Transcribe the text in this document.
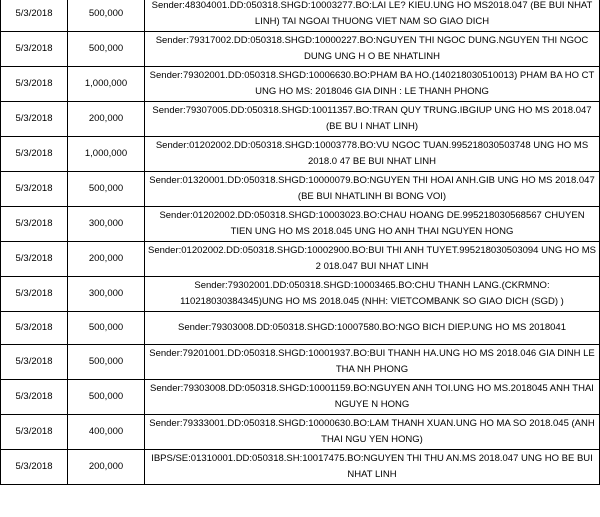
5/3/2018	500,000	Sender:48304001.DD:050318.SHGD:10003277.BO:LAI LE? KIEU.UNG HO MS2018.047 (BE BUI NHAT LINH) TAI NGOAI THUONG VIET NAM SO GIAO DICH
5/3/2018	500,000	Sender:79317002.DD:050318.SHGD:10000227.BO:NGUYEN THI NGOC DUNG.NGUYEN THI NGOC DUNG UNG H O BE NHATLINH
5/3/2018	1,000,000	Sender:79302001.DD:050318.SHGD:10006630.BO:PHAM BA HO.(140218030510013) PHAM BA HO CT UNG HO MS: 2018046 GIA DINH : LE THANH PHONG
5/3/2018	200,000	Sender:79307005.DD:050318.SHGD:10011357.BO:TRAN QUY TRUNG.IBGIUP UNG HO MS 2018.047 (BE BU I NHAT LINH)
5/3/2018	1,000,000	Sender:01202002.DD:050318.SHGD:10003778.BO:VU NGOC TUAN.995218030503748 UNG HO MS 2018.0 47 BE BUI NHAT LINH
5/3/2018	500,000	Sender:01320001.DD:050318.SHGD:10000079.BO:NGUYEN THI HOAI ANH.GIB UNG HO MS 2018.047 (BE BUI NHATLINH BI BONG VOI)
5/3/2018	300,000	Sender:01202002.DD:050318.SHGD:10003023.BO:CHAU HOANG DE.995218030568567 CHUYEN TIEN UNG HO MS 2018.045 UNG HO ANH THAI NGUYEN HONG
5/3/2018	200,000	Sender:01202002.DD:050318.SHGD:10002900.BO:BUI THI ANH TUYET.995218030503094 UNG HO MS 2 018.047 BUI NHAT LINH
5/3/2018	300,000	Sender:79302001.DD:050318.SHGD:10003465.BO:CHU THANH LANG.(CKRMNO: 110218030384345)UNG HO MS 2018.045 (NHH: VIETCOMBANK SO GIAO DICH (SGD) )
5/3/2018	500,000	Sender:79303008.DD:050318.SHGD:10007580.BO:NGO BICH DIEP.UNG HO MS 2018041
5/3/2018	500,000	Sender:79201001.DD:050318.SHGD:10001937.BO:BUI THANH HA.UNG HO MS 2018.046 GIA DINH LE THA NH PHONG
5/3/2018	500,000	Sender:79303008.DD:050318.SHGD:10001159.BO:NGUYEN ANH TOI.UNG HO MS.2018045 ANH THAI NGUYE N HONG
5/3/2018	400,000	Sender:79333001.DD:050318.SHGD:10000630.BO:LAM THANH XUAN.UNG HO MA SO 2018.045 (ANH THAI NGU YEN HONG)
5/3/2018	200,000	IBPS/SE:01310001.DD:050318.SH:10017475.BO:NGUYEN THI THU AN.MS 2018.047 UNG HO BE BUI NHAT LINH
